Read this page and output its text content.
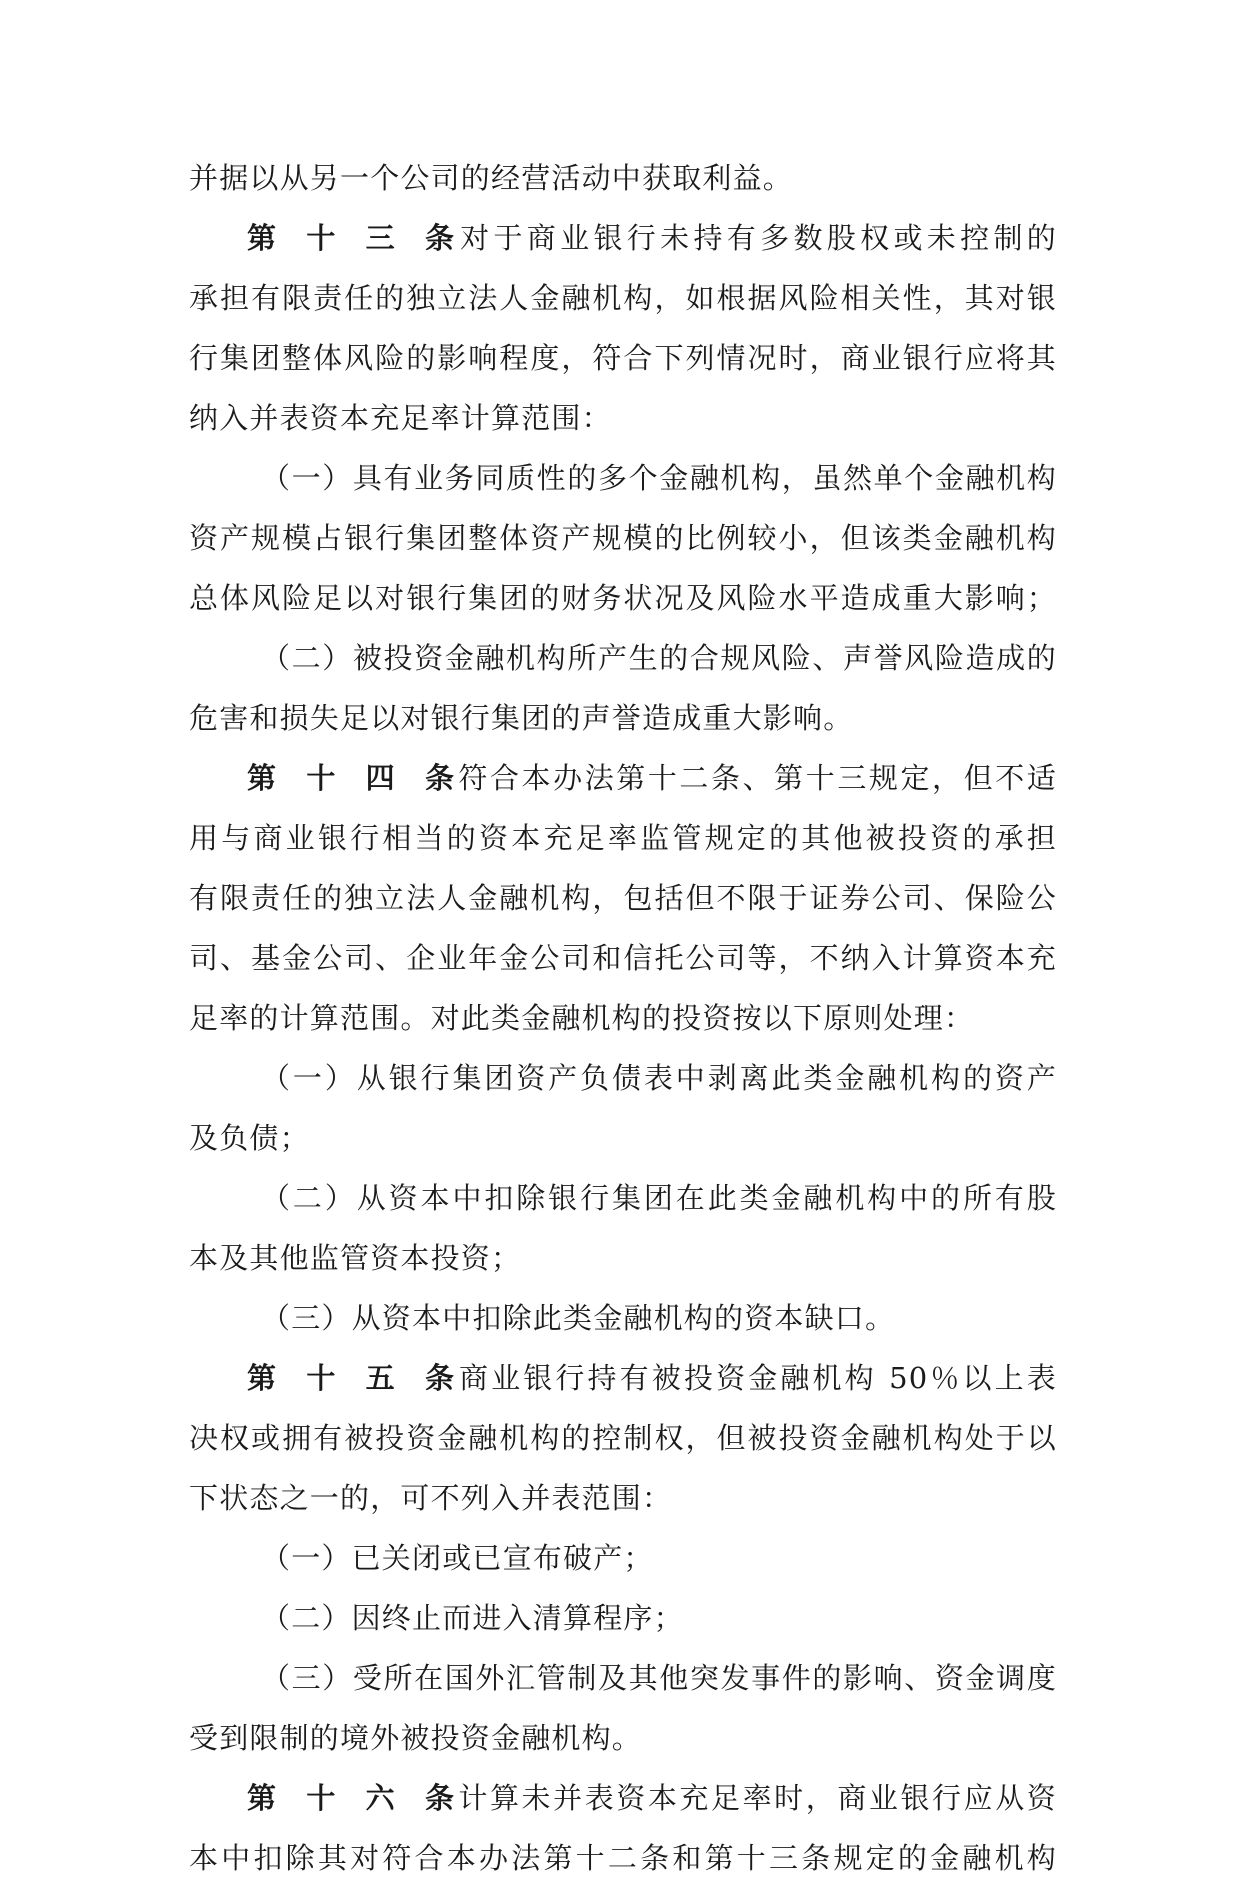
并据以从另一个公司的经营活动中获取利益。
第十三条对于商业银行未持有多数股权或未控制的
承担有限责任的独立法人金融机构，如根据风险相关性，其对银
行集团整体风险的影响程度，符合下列情况时，商业银行应将其
纳入并表资本充足率计算范围：
（一）具有业务同质性的多个金融机构，虽然单个金融机构
资产规模占银行集团整体资产规模的比例较小，但该类金融机构
总体风险足以对银行集团的财务状况及风险水平造成重大影响；
（二）被投资金融机构所产生的合规风险、声誉风险造成的
危害和损失足以对银行集团的声誉造成重大影响。
第十四条符合本办法第十二条、第十三规定，但不适
用与商业银行相当的资本充足率监管规定的其他被投资的承担
有限责任的独立法人金融机构，包括但不限于证券公司、保险公
司、基金公司、企业年金公司和信托公司等，不纳入计算资本充
足率的计算范围。对此类金融机构的投资按以下原则处理：
（一）从银行集团资产负债表中剥离此类金融机构的资产
及负债；
（二）从资本中扣除银行集团在此类金融机构中的所有股
本及其他监管资本投资；
（三）从资本中扣除此类金融机构的资本缺口。
第十五条商业银行持有被投资金融机构 50％以上表
决权或拥有被投资金融机构的控制权，但被投资金融机构处于以
下状态之一的，可不列入并表范围：
（一）已关闭或已宣布破产；
（二）因终止而进入清算程序；
（三）受所在国外汇管制及其他突发事件的影响、资金调度
受到限制的境外被投资金融机构。
第十六条计算未并表资本充足率时，商业银行应从资
本中扣除其对符合本办法第十二条和第十三条规定的金融机构
